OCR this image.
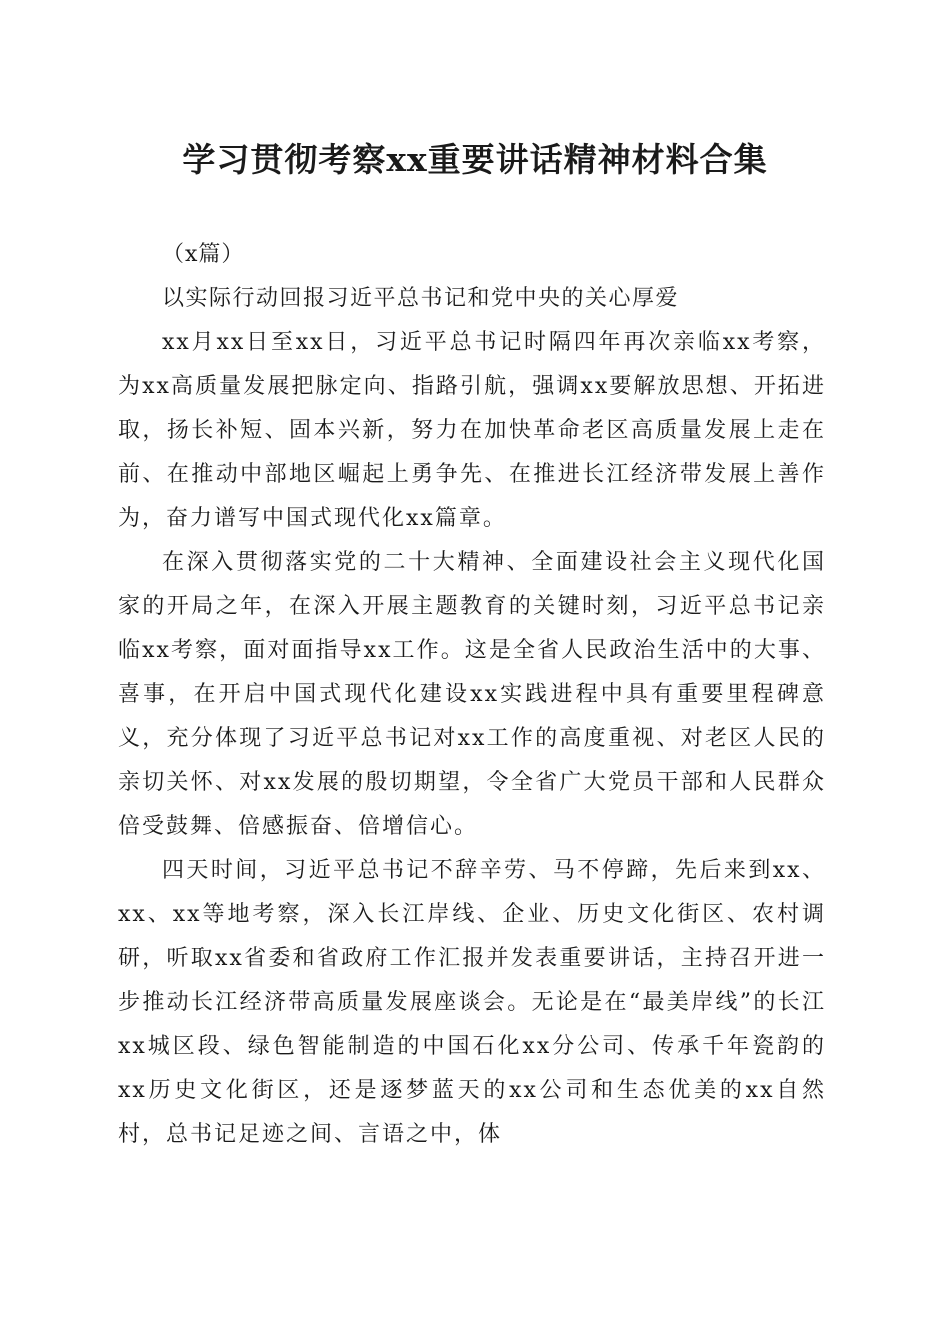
学习贯彻考察xx重要讲话精神材料合集

（x篇）

以实际行动回报习近平总书记和党中央的关心厚爱

xx月xx日至xx日，习近平总书记时隔四年再次亲临xx考察，为xx高质量发展把脉定向、指路引航，强调xx要解放思想、开拓进取，扬长补短、固本兴新，努力在加快革命老区高质量发展上走在前、在推动中部地区崛起上勇争先、在推进长江经济带发展上善作为，奋力谱写中国式现代化xx篇章。

在深入贯彻落实党的二十大精神、全面建设社会主义现代化国家的开局之年，在深入开展主题教育的关键时刻，习近平总书记亲临xx考察，面对面指导xx工作。这是全省人民政治生活中的大事、喜事，在开启中国式现代化建设xx实践进程中具有重要里程碑意义，充分体现了习近平总书记对xx工作的高度重视、对老区人民的亲切关怀、对xx发展的殷切期望，令全省广大党员干部和人民群众倍受鼓舞、倍感振奋、倍增信心。

四天时间，习近平总书记不辞辛劳、马不停蹄，先后来到xx、xx、xx等地考察，深入长江岸线、企业、历史文化街区、农村调研，听取xx省委和省政府工作汇报并发表重要讲话，主持召开进一步推动长江经济带高质量发展座谈会。无论是在“最美岸线”的长江xx城区段、绿色智能制造的中国石化xx分公司、传承千年瓷韵的xx历史文化街区，还是逐梦蓝天的xx公司和生态优美的xx自然村，总书记足迹之间、言语之中，体
